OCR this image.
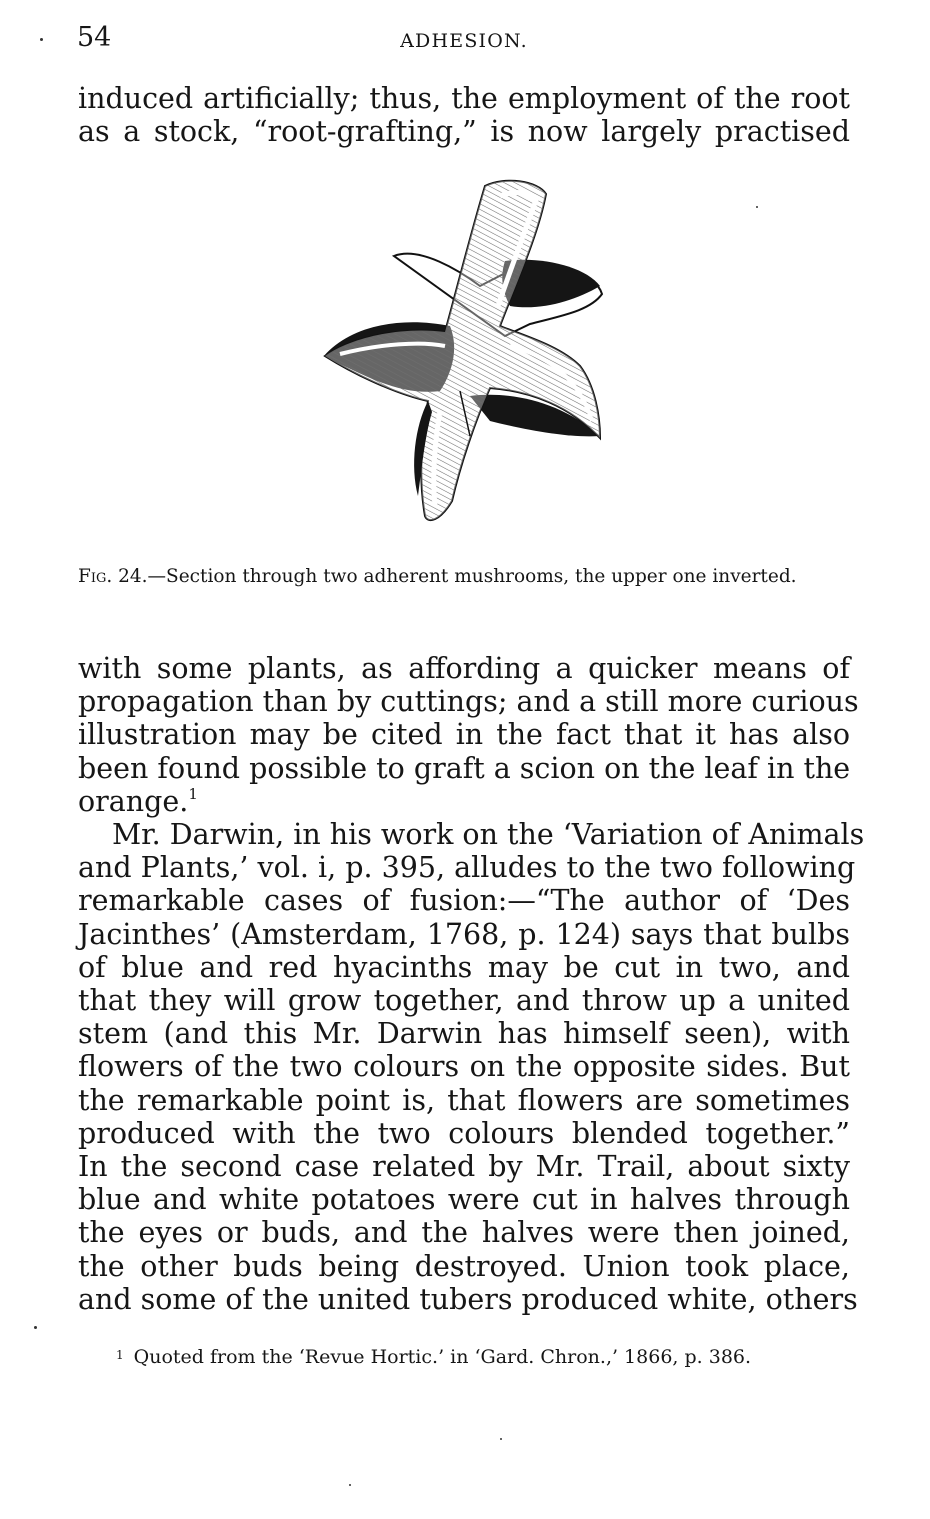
54	ADHESION.
induced artificially; thus, the employment of the root
as a stock, “root-grafting,” is now largely practised
Fig. 24.—Section through two adherent mushrooms, the upper one inverted.
with some plants, as affording a quicker means of
propagation than by cuttings; and a still more curious
illustration may be cited in the fact that it has also
been found possible to graft a scion on the leaf in the
orange.$^1$
Mr. Darwin, in his work on the ‘Variation of Animals
and Plants,’ vol. i, p. 395, alludes to the two following
remarkable cases of fusion:—“The author of ‘Des
Jacinthes’ (Amsterdam, 1768, p. 124) says that bulbs
of blue and red hyacinths may be cut in two, and
that they will grow together, and throw up a united
stem (and this Mr. Darwin has himself seen), with
flowers of the two colours on the opposite sides. But
the remarkable point is, that flowers are sometimes
produced with the two colours blended together.”
In the second case related by Mr. Trail, about sixty
blue and white potatoes were cut in halves through
the eyes or buds, and the halves were then joined,
the other buds being destroyed. Union took place,
and some of the united tubers produced white, others
$^1$ Quoted from the ‘Revue Hortic.’ in ‘Gard. Chron.,’ 1866, p. 386.
